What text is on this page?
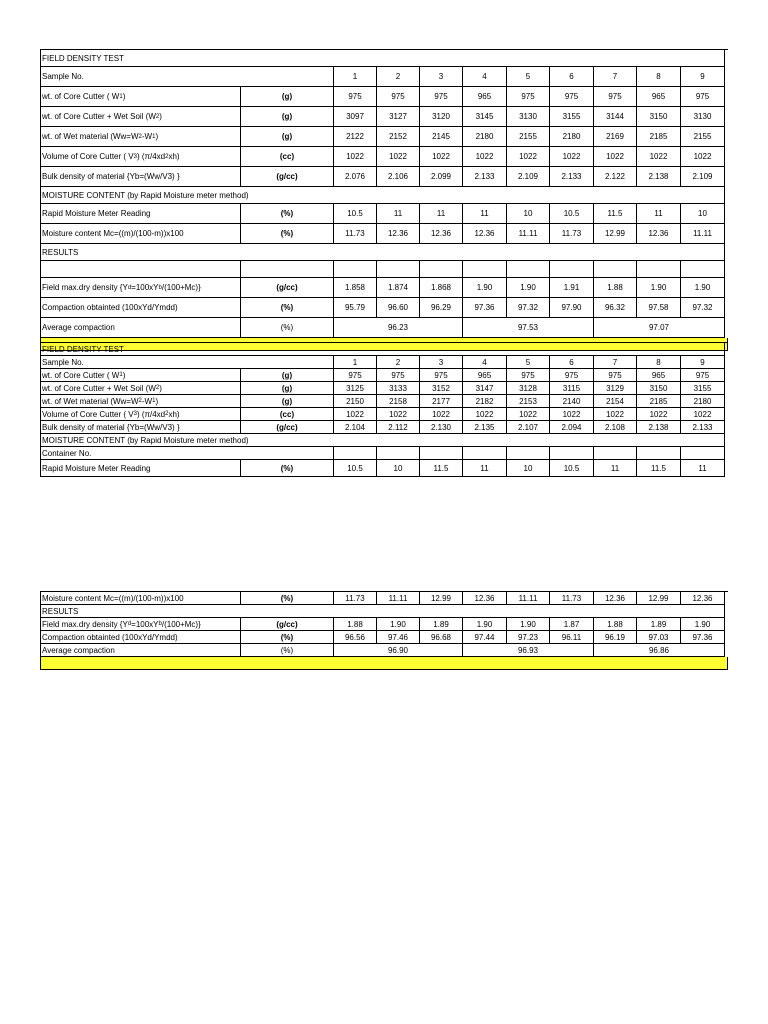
FIELD DENSITY TEST
Sample No.	1	2	3	4	5	6	7	8	9
wt. of Core Cutter ( W 1 )	(g)	975	975	975	965	975	975	975	965	975
wt. of Core Cutter + Wet Soil (W 2 )	(g)	3097	3127	3120	3145	3130	3155	3144	3150	3130
wt. of Wet material (Ww=W 2 -W 1 )	(g)	2122	2152	2145	2180	2155	2180	2169	2185	2155
Volume of Core Cutter ( V 3 ) (π/4xd 2 xh)	(cc)	1022	1022	1022	1022	1022	1022	1022	1022	1022
Bulk density of material {Yb=(Ww/V3) }	(g/cc)	2.076	2.106	2.099	2.133	2.109	2.133	2.122	2.138	2.109
MOISTURE CONTENT (by Rapid Moisture meter method)
Rapid Moisture Meter Reading	(%)	10.5	11	11	11	10	10.5	11.5	11	10
Moisture content Mc=((m)/(100-m))x100	(%)	11.73	12.36	12.36	12.36	11.11	11.73	12.99	12.36	11.11
RESULTS
Field max.dry density {Y d =100xY b /(100+Mc)}	(g/cc)	1.858	1.874	1.868	1.90	1.90	1.91	1.88	1.90	1.90
Compaction obtainted (100xYd/Ymdd)	(%)	95.79	96.60	96.29	97.36	97.32	97.90	96.32	97.58	97.32
Average compaction	(%)	96.23	97.53	97.07
FIELD DENSITY TEST
Sample No.	1	2	3	4	5	6	7	8	9
wt. of Core Cutter ( W 1 )	(g)	975	975	975	965	975	975	975	965	975
wt. of Core Cutter + Wet Soil (W 2 )	(g)	3125	3133	3152	3147	3128	3115	3129	3150	3155
wt. of Wet material (Ww=W 2 -W 1 )	(g)	2150	2158	2177	2182	2153	2140	2154	2185	2180
Volume of Core Cutter ( V 3 ) (π/4xd 2 xh)	(cc)	1022	1022	1022	1022	1022	1022	1022	1022	1022
Bulk density of material {Yb=(Ww/V3) }	(g/cc)	2.104	2.112	2.130	2.135	2.107	2.094	2.108	2.138	2.133
MOISTURE CONTENT (by Rapid Moisture meter method)
Container No.
Rapid Moisture Meter Reading	(%)	10.5	10	11.5	11	10	10.5	11	11.5	11
Moisture content Mc=((m)/(100-m))x100	(%)	11.73	11.11	12.99	12.36	11.11	11.73	12.36	12.99	12.36
RESULTS
Field max.dry density {Y d =100xY b /(100+Mc)}	(g/cc)	1.88	1.90	1.89	1.90	1.90	1.87	1.88	1.89	1.90
Compaction obtainted (100xYd/Ymdd)	(%)	96.56	97.46	96.68	97.44	97.23	96.11	96.19	97.03	97.36
Average compaction	(%)	96.90	96.93	96.86
